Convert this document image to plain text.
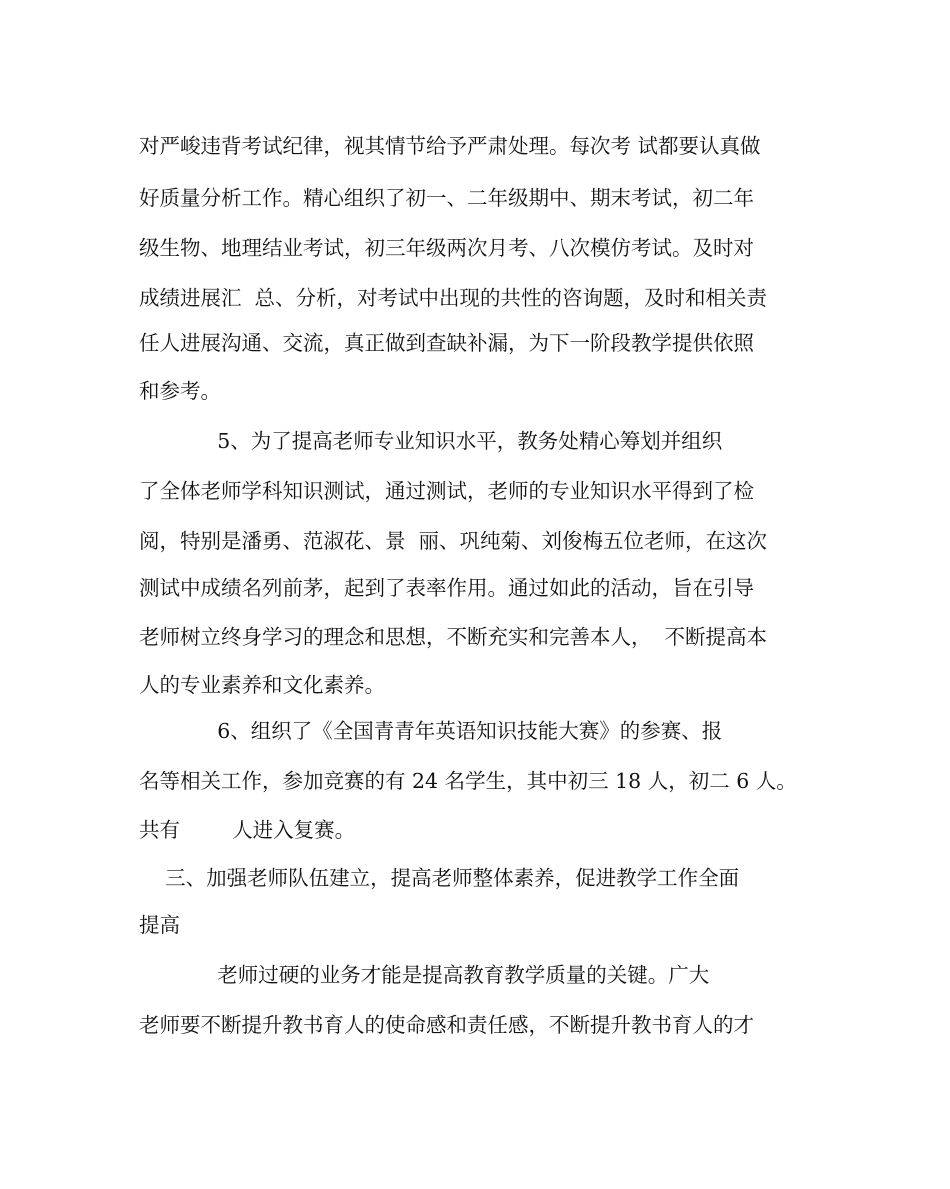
对严峻违背考试纪律，视其情节给予严肃处理。每次考 试都要认真做
好质量分析工作。精心组织了初一、二年级期中、期末考试，初二年
级生物、地理结业考试，初三年级两次月考、八次模仿考试。及时对
成绩进展汇  总、分析，对考试中出现的共性的咨询题，及时和相关责
任人进展沟通、交流，真正做到查缺补漏，为下一阶段教学提供依照
和参考。
5、为了提高老师专业知识水平，教务处精心筹划并组织
了全体老师学科知识测试，通过测试，老师的专业知识水平得到了检
阅，特别是潘勇、范淑花、景  丽、巩纯菊、刘俊梅五位老师，在这次
测试中成绩名列前茅，起到了表率作用。通过如此的活动，旨在引导
老师树立终身学习的理念和思想，不断充实和完善本人，  不断提高本
人的专业素养和文化素养。
6、组织了《全国青青年英语知识技能大赛》的参赛、报
名等相关工作，参加竞赛的有 24 名学生，其中初三 18 人，初二 6 人。
共有        人进入复赛。
三、加强老师队伍建立，提高老师整体素养，促进教学工作全面
提高
老师过硬的业务才能是提高教育教学质量的关键。广大
老师要不断提升教书育人的使命感和责任感，不断提升教书育人的才
